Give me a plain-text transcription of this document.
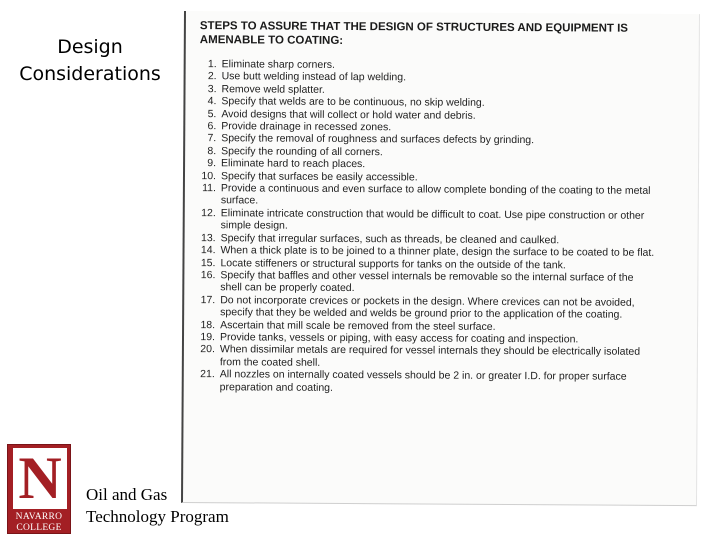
Design
Considerations
STEPS TO ASSURE THAT THE DESIGN OF STRUCTURES AND EQUIPMENT IS
AMENABLE TO COATING:
1. Eliminate sharp corners.
2. Use butt welding instead of lap welding.
3. Remove weld splatter.
4. Specify that welds are to be continuous, no skip welding.
5. Avoid designs that will collect or hold water and debris.
6. Provide drainage in recessed zones.
7. Specify the removal of roughness and surfaces defects by grinding.
8. Specify the rounding of all corners.
9. Eliminate hard to reach places.
10. Specify that surfaces be easily accessible.
11. Provide a continuous and even surface to allow complete bonding of the coating to the metal
surface.
12. Eliminate intricate construction that would be difficult to coat. Use pipe construction or other
simple design.
13. Specify that irregular surfaces, such as threads, be cleaned and caulked.
14. When a thick plate is to be joined to a thinner plate, design the surface to be coated to be flat.
15. Locate stiffeners or structural supports for tanks on the outside of the tank.
16. Specify that baffles and other vessel internals be removable so the internal surface of the
shell can be properly coated.
17. Do not incorporate crevices or pockets in the design. Where crevices can not be avoided,
specify that they be welded and welds be ground prior to the application of the coating.
18. Ascertain that mill scale be removed from the steel surface.
19. Provide tanks, vessels or piping, with easy access for coating and inspection.
20. When dissimilar metals are required for vessel internals they should be electrically isolated
from the coated shell.
21. All nozzles on internally coated vessels should be 2 in. or greater I.D. for proper surface
preparation and coating.
N
NAVARRO
COLLEGE
Oil and Gas
Technology Program
